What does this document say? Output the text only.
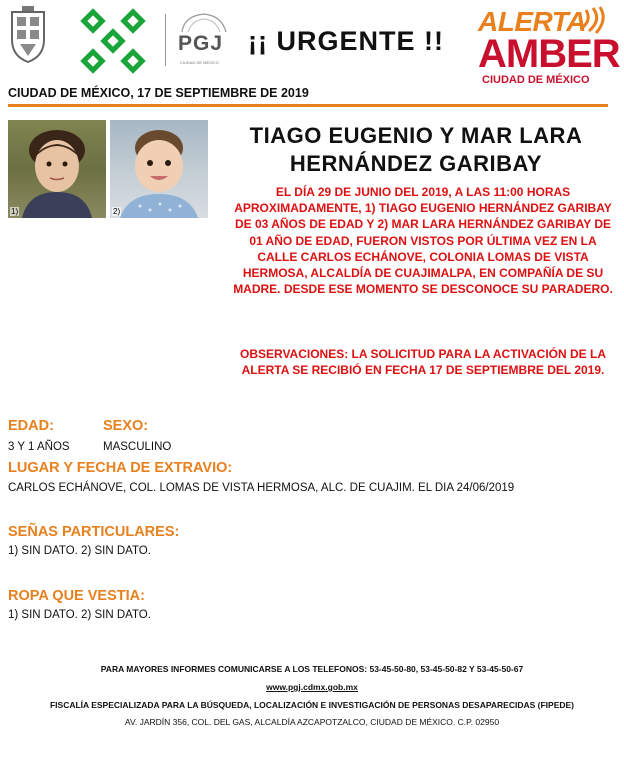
PGJ
CIUDAD DE MÉXICO
¡¡ URGENTE !!
ALERTA
AMBER
CIUDAD DE MÉXICO
CIUDAD DE MÉXICO, 17 DE SEPTIEMBRE DE 2019
1)	2)
TIAGO EUGENIO Y MAR LARA
HERNÁNDEZ GARIBAY
EL DÍA 29 DE JUNIO DEL 2019, A LAS 11:00 HORAS APROXIMADAMENTE, 1) TIAGO EUGENIO HERNÁNDEZ GARIBAY DE 03 AÑOS DE EDAD Y 2) MAR LARA HERNÁNDEZ GARIBAY DE 01 AÑO DE EDAD, FUERON VISTOS POR ÚLTIMA VEZ EN LA CALLE CARLOS ECHÁNOVE, COLONIA LOMAS DE VISTA HERMOSA, ALCALDÍA DE CUAJIMALPA, EN COMPAÑÍA DE SU MADRE. DESDE ESE MOMENTO SE DESCONOCE SU PARADERO.
OBSERVACIONES: LA SOLICITUD PARA LA ACTIVACIÓN DE LA ALERTA SE RECIBIÓ EN FECHA 17 DE SEPTIEMBRE DEL 2019.
EDAD:	SEXO:
3 Y 1 AÑOS	MASCULINO
LUGAR Y FECHA DE EXTRAVIO:
CARLOS ECHÁNOVE, COL. LOMAS DE VISTA HERMOSA, ALC. DE CUAJIM. EL DIA 24/06/2019
SEÑAS PARTICULARES:
1) SIN DATO. 2) SIN DATO.
ROPA QUE VESTIA:
1) SIN DATO. 2) SIN DATO.
PARA MAYORES INFORMES COMUNICARSE A LOS TELEFONOS: 53-45-50-80, 53-45-50-82 Y 53-45-50-67
www.pgj.cdmx.gob.mx
FISCALÍA ESPECIALIZADA PARA LA BÚSQUEDA, LOCALIZACIÓN E INVESTIGACIÓN DE PERSONAS DESAPARECIDAS (FIPEDE)
AV. JARDÍN 356, COL. DEL GAS, ALCALDÍA AZCAPOTZALCO, CIUDAD DE MÉXICO. C.P. 02950
